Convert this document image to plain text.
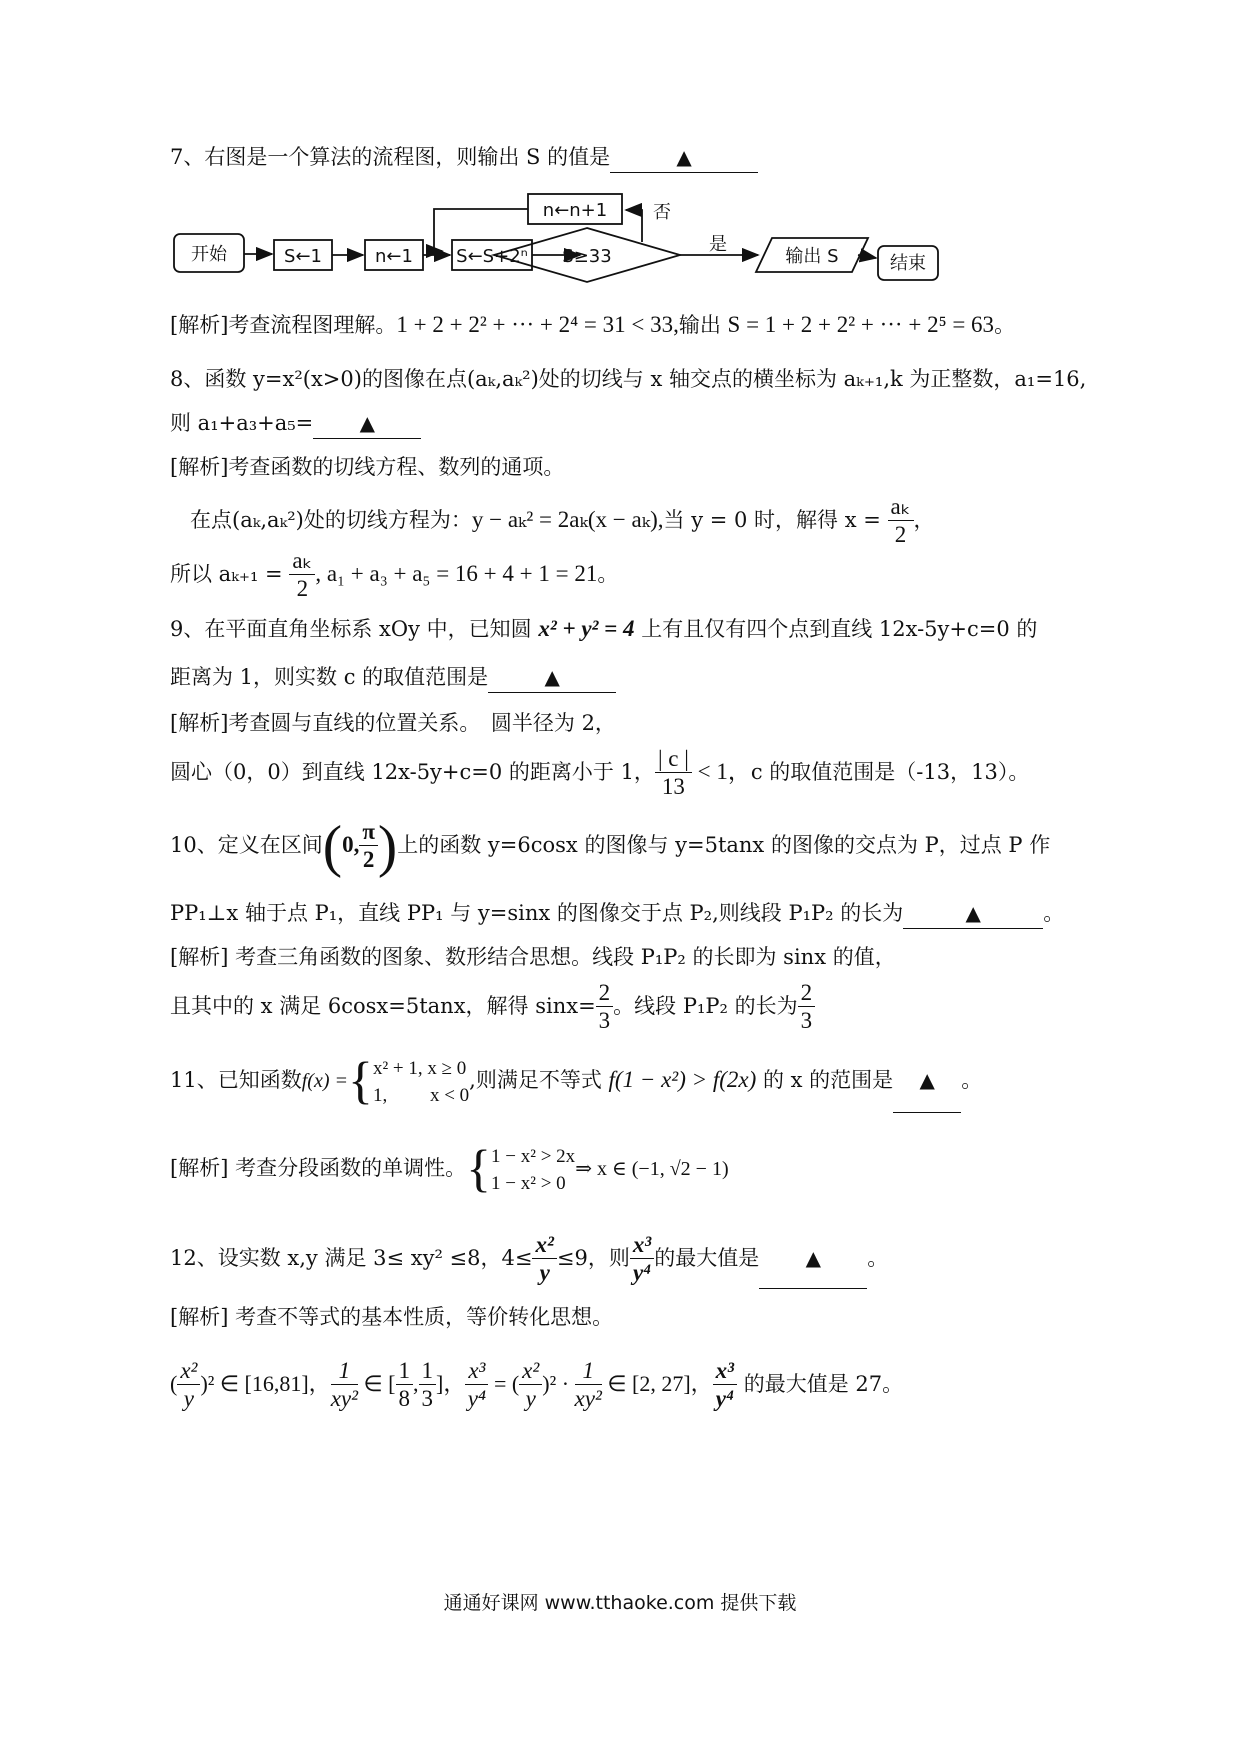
7、右图是一个算法的流程图，则输出 S 的值是	▲
开始	S←1	n←1 S←S+2ⁿ S≥33
是
否
输出 S
n←n+1
结束
[解析]考查流程图理解。1 + 2 + 2² + ··· + 2⁴ = 31 < 33,输出 S = 1 + 2 + 2² + ··· + 2⁵ = 63。
8、函数 y=x²(x>0)的图像在点(aₖ,aₖ²)处的切线与 x 轴交点的横坐标为 aₖ₊₁,k 为正整数，a₁=16,
则 a₁+a₃+a₅= ▲
[解析]考查函数的切线方程、数列的通项。
在点(aₖ,aₖ²)处的切线方程为：y − aₖ² = 2aₖ(x − aₖ),当 y = 0 时，解得 $x = \frac{\text{aₖ}}{2}$ ，
所以 $a_{k+1} = \frac{\text{aₖ}}{2}$ , a₁ + a₃ + a₅ = 16 + 4 + 1 = 21。
9、在平面直角坐标系 xOy 中，已知圆 x² + y² = 4 上有且仅有四个点到直线 12x-5y+c=0 的
距离为 1，则实数 c 的取值范围是	▲
[解析]考查圆与直线的位置关系。　圆半径为 2，
圆心（0，0）到直线 12x-5y+c=0 的距离小于 1， $\frac{| c |}{13} < 1$，c 的取值范围是（-13，13）。
10、定义在区间(0, $\frac{\pi}{2}$ )上的函数 y=6cosx 的图像与 y=5tanx 的图像的交点为 P，过点 P 作
PP₁⊥x 轴于点 P₁，直线 PP₁ 与 y=sinx 的图像交于点 P₂,则线段 P₁P₂ 的长为	▲	。
[解析] 考查三角函数的图象、数形结合思想。线段 P₁P₂ 的长即为 sinx 的值，
且其中的 x 满足 6cosx=5tanx，解得 $\sin x= \frac{2}{3}$ 。线段 P₁P₂ 的长为 $\frac{2}{3}$
11、已知函数f(x) ={ x² + 1, x ≥ 0
1,　　 x < 0
,则满足不等式 f(1 − x²) > f(2x) 的 x 的范围是 ▲ 。
[解析] 考查分段函数的单调性。{ 1 − x² > 2x
1 − x² > 0
⇒ x ∈ (−1, √2 − 1)
12、设实数 x,y 满足 3≤ xy² ≤8，$4\le \frac{\text{x²}}{y} \le 9$，则 $\frac{\text{x³}}{\text{y⁴}}$ 的最大值是 ▲ 。
[解析] 考查不等式的基本性质，等价转化思想。
( $\frac{\text{x²}}{y} )^2$ ∈ [16,81]， $\frac{1}{\text{xy²}}$ ∈ [ $\frac{1}{8}$ , $\frac{1}{3}$ ]， $\frac{\text{x³}}{\text{y⁴}}$ = ( $\frac{\text{x²}}{y} )^2 \cdot \frac{1}{\text{xy²}}$ ∈ [2, 27]， $\frac{\text{x³}}{\text{y⁴}}$ 的最大值是 27。
通通好课网 www.tthaoke.com 提供下载
